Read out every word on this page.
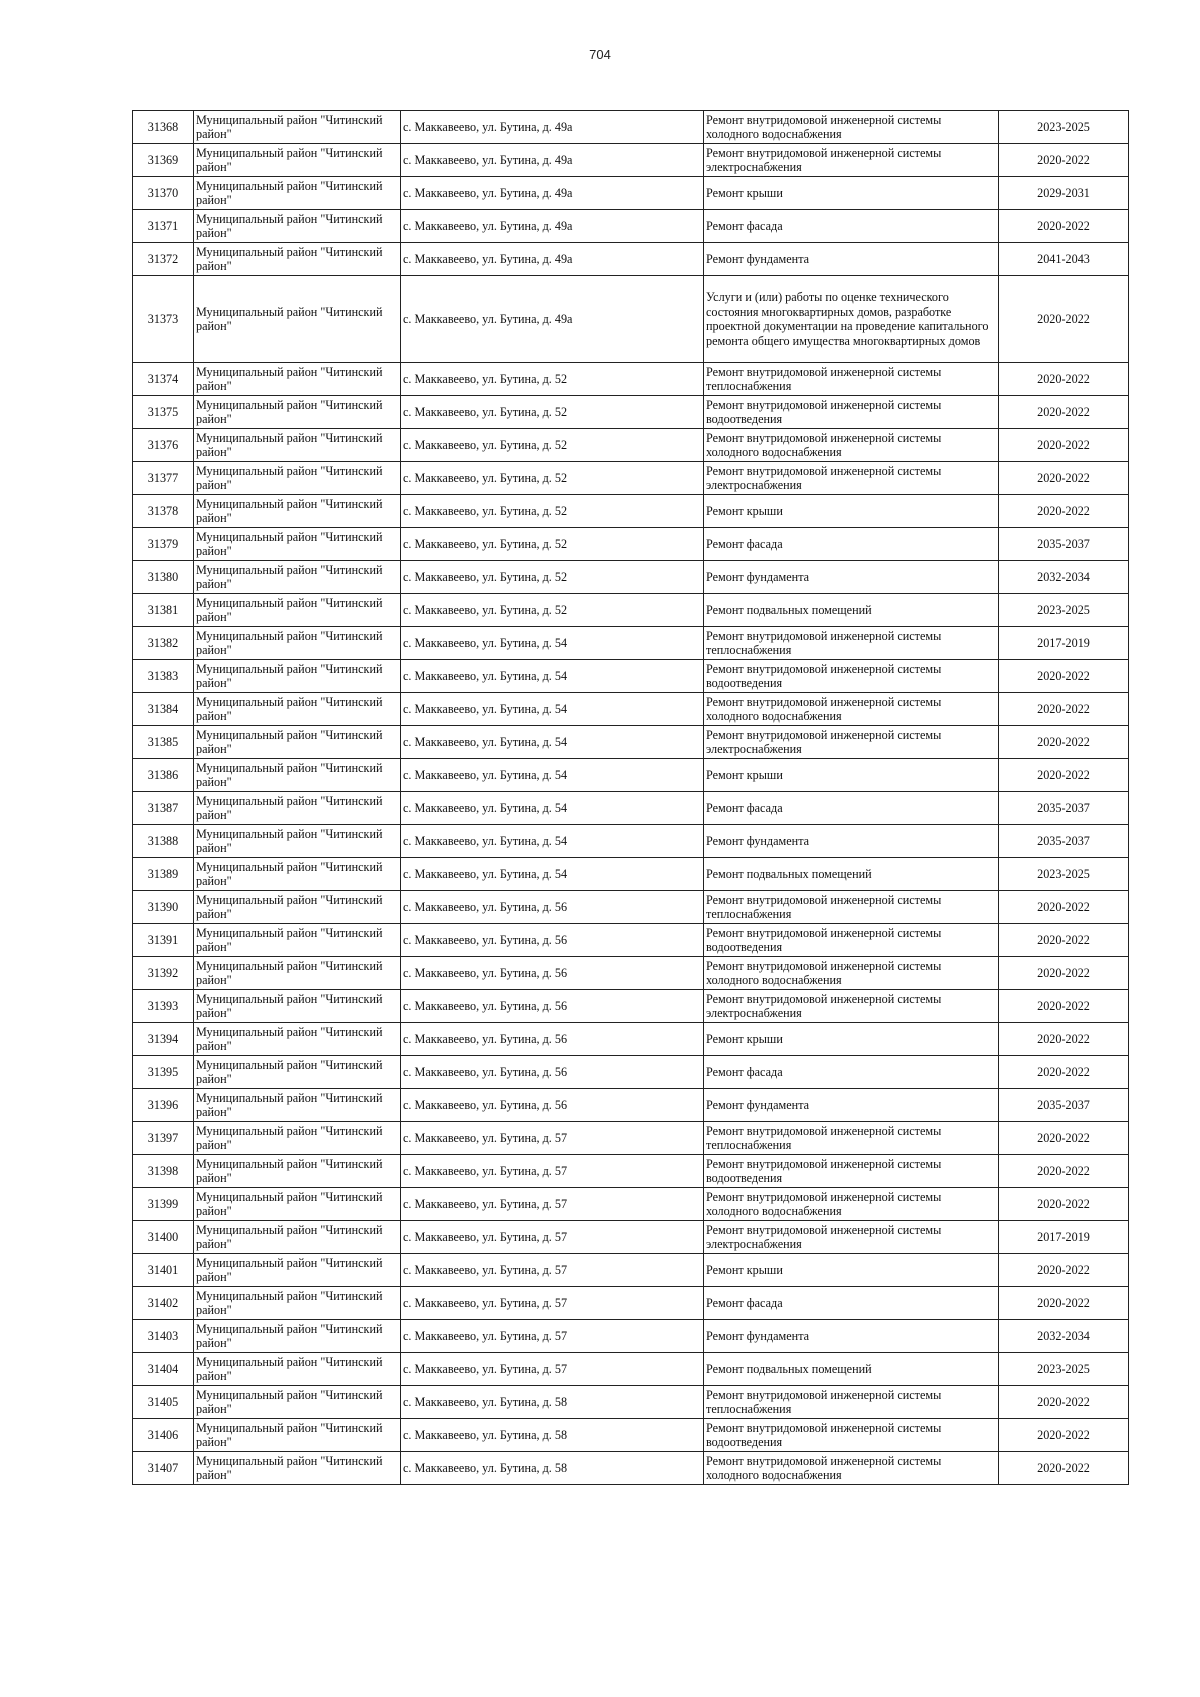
704
31368	Муниципальный район "Читинский район"	с. Маккавеево, ул. Бутина, д. 49а	Ремонт внутридомовой инженерной системы холодного водоснабжения	2023-2025
31369	Муниципальный район "Читинский район"	с. Маккавеево, ул. Бутина, д. 49а	Ремонт внутридомовой инженерной системы электроснабжения	2020-2022
31370	Муниципальный район "Читинский район"	с. Маккавеево, ул. Бутина, д. 49а	Ремонт крыши	2029-2031
31371	Муниципальный район "Читинский район"	с. Маккавеево, ул. Бутина, д. 49а	Ремонт фасада	2020-2022
31372	Муниципальный район "Читинский район"	с. Маккавеево, ул. Бутина, д. 49а	Ремонт фундамента	2041-2043
31373	Муниципальный район "Читинский район"	с. Маккавеево, ул. Бутина, д. 49а	Услуги и (или) работы по оценке технического состояния многоквартирных домов, разработке проектной документации на проведение капитального ремонта общего имущества многоквартирных домов	2020-2022
31374	Муниципальный район "Читинский район"	с. Маккавеево, ул. Бутина, д. 52	Ремонт внутридомовой инженерной системы теплоснабжения	2020-2022
31375	Муниципальный район "Читинский район"	с. Маккавеево, ул. Бутина, д. 52	Ремонт внутридомовой инженерной системы водоотведения	2020-2022
31376	Муниципальный район "Читинский район"	с. Маккавеево, ул. Бутина, д. 52	Ремонт внутридомовой инженерной системы холодного водоснабжения	2020-2022
31377	Муниципальный район "Читинский район"	с. Маккавеево, ул. Бутина, д. 52	Ремонт внутридомовой инженерной системы электроснабжения	2020-2022
31378	Муниципальный район "Читинский район"	с. Маккавеево, ул. Бутина, д. 52	Ремонт крыши	2020-2022
31379	Муниципальный район "Читинский район"	с. Маккавеево, ул. Бутина, д. 52	Ремонт фасада	2035-2037
31380	Муниципальный район "Читинский район"	с. Маккавеево, ул. Бутина, д. 52	Ремонт фундамента	2032-2034
31381	Муниципальный район "Читинский район"	с. Маккавеево, ул. Бутина, д. 52	Ремонт подвальных помещений	2023-2025
31382	Муниципальный район "Читинский район"	с. Маккавеево, ул. Бутина, д. 54	Ремонт внутридомовой инженерной системы теплоснабжения	2017-2019
31383	Муниципальный район "Читинский район"	с. Маккавеево, ул. Бутина, д. 54	Ремонт внутридомовой инженерной системы водоотведения	2020-2022
31384	Муниципальный район "Читинский район"	с. Маккавеево, ул. Бутина, д. 54	Ремонт внутридомовой инженерной системы холодного водоснабжения	2020-2022
31385	Муниципальный район "Читинский район"	с. Маккавеево, ул. Бутина, д. 54	Ремонт внутридомовой инженерной системы электроснабжения	2020-2022
31386	Муниципальный район "Читинский район"	с. Маккавеево, ул. Бутина, д. 54	Ремонт крыши	2020-2022
31387	Муниципальный район "Читинский район"	с. Маккавеево, ул. Бутина, д. 54	Ремонт фасада	2035-2037
31388	Муниципальный район "Читинский район"	с. Маккавеево, ул. Бутина, д. 54	Ремонт фундамента	2035-2037
31389	Муниципальный район "Читинский район"	с. Маккавеево, ул. Бутина, д. 54	Ремонт подвальных помещений	2023-2025
31390	Муниципальный район "Читинский район"	с. Маккавеево, ул. Бутина, д. 56	Ремонт внутридомовой инженерной системы теплоснабжения	2020-2022
31391	Муниципальный район "Читинский район"	с. Маккавеево, ул. Бутина, д. 56	Ремонт внутридомовой инженерной системы водоотведения	2020-2022
31392	Муниципальный район "Читинский район"	с. Маккавеево, ул. Бутина, д. 56	Ремонт внутридомовой инженерной системы холодного водоснабжения	2020-2022
31393	Муниципальный район "Читинский район"	с. Маккавеево, ул. Бутина, д. 56	Ремонт внутридомовой инженерной системы электроснабжения	2020-2022
31394	Муниципальный район "Читинский район"	с. Маккавеево, ул. Бутина, д. 56	Ремонт крыши	2020-2022
31395	Муниципальный район "Читинский район"	с. Маккавеево, ул. Бутина, д. 56	Ремонт фасада	2020-2022
31396	Муниципальный район "Читинский район"	с. Маккавеево, ул. Бутина, д. 56	Ремонт фундамента	2035-2037
31397	Муниципальный район "Читинский район"	с. Маккавеево, ул. Бутина, д. 57	Ремонт внутридомовой инженерной системы теплоснабжения	2020-2022
31398	Муниципальный район "Читинский район"	с. Маккавеево, ул. Бутина, д. 57	Ремонт внутридомовой инженерной системы водоотведения	2020-2022
31399	Муниципальный район "Читинский район"	с. Маккавеево, ул. Бутина, д. 57	Ремонт внутридомовой инженерной системы холодного водоснабжения	2020-2022
31400	Муниципальный район "Читинский район"	с. Маккавеево, ул. Бутина, д. 57	Ремонт внутридомовой инженерной системы электроснабжения	2017-2019
31401	Муниципальный район "Читинский район"	с. Маккавеево, ул. Бутина, д. 57	Ремонт крыши	2020-2022
31402	Муниципальный район "Читинский район"	с. Маккавеево, ул. Бутина, д. 57	Ремонт фасада	2020-2022
31403	Муниципальный район "Читинский район"	с. Маккавеево, ул. Бутина, д. 57	Ремонт фундамента	2032-2034
31404	Муниципальный район "Читинский район"	с. Маккавеево, ул. Бутина, д. 57	Ремонт подвальных помещений	2023-2025
31405	Муниципальный район "Читинский район"	с. Маккавеево, ул. Бутина, д. 58	Ремонт внутридомовой инженерной системы теплоснабжения	2020-2022
31406	Муниципальный район "Читинский район"	с. Маккавеево, ул. Бутина, д. 58	Ремонт внутридомовой инженерной системы водоотведения	2020-2022
31407	Муниципальный район "Читинский район"	с. Маккавеево, ул. Бутина, д. 58	Ремонт внутридомовой инженерной системы холодного водоснабжения	2020-2022
